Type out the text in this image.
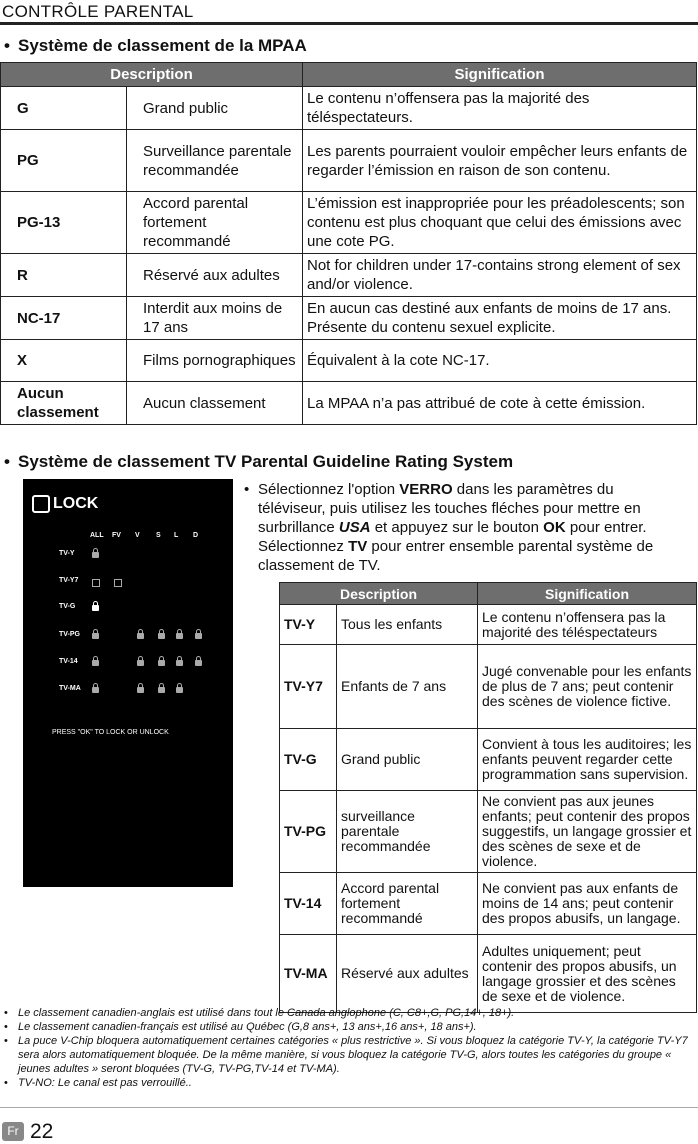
CONTRÔLE PARENTAL
• Système de classement de la MPAA
Description		Signification
G	Grand public	Le contenu n’offensera pas la majorité des téléspectateurs.
PG	Surveillance parentale recommandée	Les parents pourraient vouloir empêcher leurs enfants de regarder l’émission en raison de son contenu.
PG-13	Accord parental fortement recommandé	L’émission est inappropriée pour les préadolescents; son contenu est plus choquant que celui des émissions avec une cote PG.
R	Réservé aux adultes	Not for children under 17-contains strong element of sex and/or violence.
NC-17	Interdit aux moins de 17 ans	En aucun cas destiné aux enfants de moins de 17 ans. Présente du contenu sexuel explicite.
X	Films pornographiques	Équivalent à la cote NC-17.
Aucun classement	Aucun classement	La MPAA n’a pas attribué de cote à cette émission.
• Système de classement TV Parental Guideline Rating System
LOCK
ALL FV V S L D
TV-Y
TV-Y7
TV-G
TV-PG
TV-14
TV-MA
PRESS "OK" TO LOCK OR UNLOCK
• Sélectionnez l'option VERRO dans les paramètres du téléviseur, puis utilisez les touches fléches pour mettre en surbrillance USA et appuyez sur le bouton OK pour entrer. Sélectionnez TV pour entrer ensemble parental système de classement de TV.
Description		Signification
TV-Y	Tous les enfants	Le contenu n’offensera pas la majorité des téléspectateurs
TV-Y7	Enfants de 7 ans	Jugé convenable pour les enfants de plus de 7 ans; peut contenir des scènes de violence fictive.
TV-G	Grand public	Convient à tous les auditoires; les enfants peuvent regarder cette programmation sans supervision.
TV-PG	surveillance parentale recommandée	Ne convient pas aux jeunes enfants; peut contenir des propos suggestifs, un langage grossier et des scènes de sexe et de violence.
TV-14	Accord parental fortement recommandé	Ne convient pas aux enfants de moins de 14 ans; peut contenir des propos abusifs, un langage.
TV-MA	Réservé aux adultes	Adultes uniquement; peut contenir des propos abusifs, un langage grossier et des scènes de sexe et de violence.
• Le classement canadien-anglais est utilisé dans tout le Canada anglophone (C, C8+,G, PG,14+, 18+).
• Le classement canadien-français est utilisé au Québec (G,8 ans+, 13 ans+,16 ans+, 18 ans+).
• La puce V-Chip bloquera automatiquement certaines catégories « plus restrictive ». Si vous bloquez la catégorie TV-Y, la catégorie TV-Y7 sera alors automatiquement bloquée. De la même manière, si vous bloquez la catégorie TV-G, alors toutes les catégories du groupe « jeunes adultes » seront bloquées (TV-G, TV-PG,TV-14 et TV-MA).
• TV-NO: Le canal est pas verrouillé..
Fr 22
